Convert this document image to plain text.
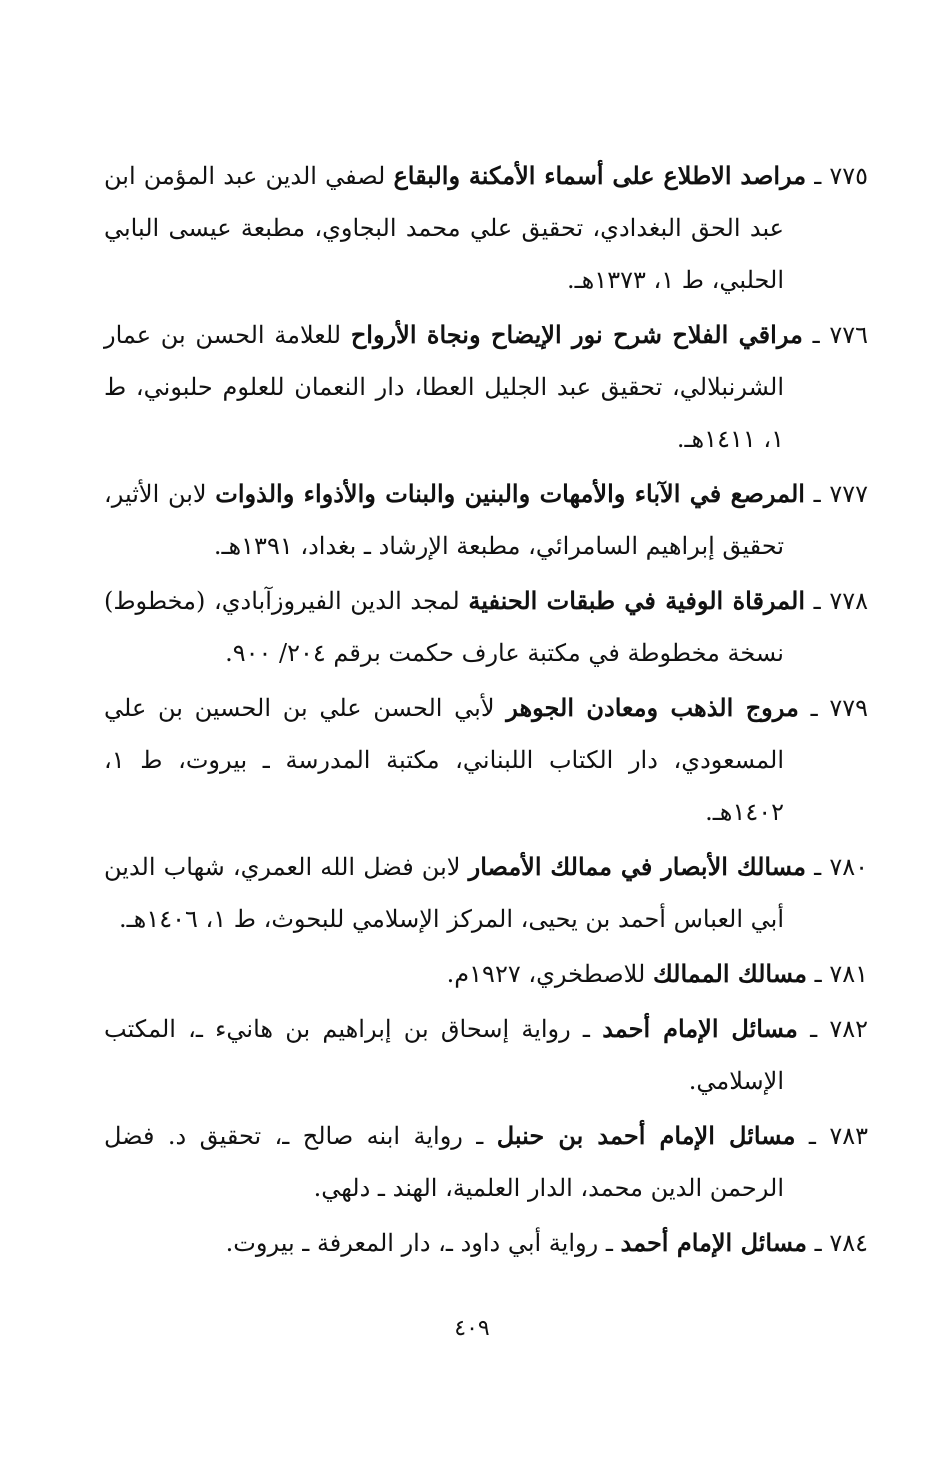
٧٧٥ ـ مراصد الاطلاع على أسماء الأمكنة والبقاع لصفي الدين عبد المؤمن ابن عبد الحق البغدادي، تحقيق علي محمد البجاوي، مطبعة عيسى البابي الحلبي، ط ١، ١٣٧٣هـ.
٧٧٦ ـ مراقي الفلاح شرح نور الإيضاح ونجاة الأرواح للعلامة الحسن بن عمار الشرنبلالي، تحقيق عبد الجليل العطا، دار النعمان للعلوم حلبوني، ط ١، ١٤١١هـ.
٧٧٧ ـ المرصع في الآباء والأمهات والبنين والبنات والأذواء والذوات لابن الأثير، تحقيق إبراهيم السامرائي، مطبعة الإرشاد ـ بغداد، ١٣٩١هـ.
٧٧٨ ـ المرقاة الوفية في طبقات الحنفية لمجد الدين الفيروزآبادي، (مخطوط) نسخة مخطوطة في مكتبة عارف حكمت برقم ٢٠٤/ ٩٠٠.
٧٧٩ ـ مروج الذهب ومعادن الجوهر لأبي الحسن علي بن الحسين بن علي المسعودي، دار الكتاب اللبناني، مكتبة المدرسة ـ بيروت، ط ١، ١٤٠٢هـ.
٧٨٠ ـ مسالك الأبصار في ممالك الأمصار لابن فضل الله العمري، شهاب الدين أبي العباس أحمد بن يحيى، المركز الإسلامي للبحوث، ط ١، ١٤٠٦هـ.
٧٨١ ـ مسالك الممالك للاصطخري، ١٩٢٧م.
٧٨٢ ـ مسائل الإمام أحمد ـ رواية إسحاق بن إبراهيم بن هانيء ـ، المكتب الإسلامي.
٧٨٣ ـ مسائل الإمام أحمد بن حنبل ـ رواية ابنه صالح ـ، تحقيق د. فضل الرحمن الدين محمد، الدار العلمية، الهند ـ دلهي.
٧٨٤ ـ مسائل الإمام أحمد ـ رواية أبي داود ـ، دار المعرفة ـ بيروت.
٤٠٩
